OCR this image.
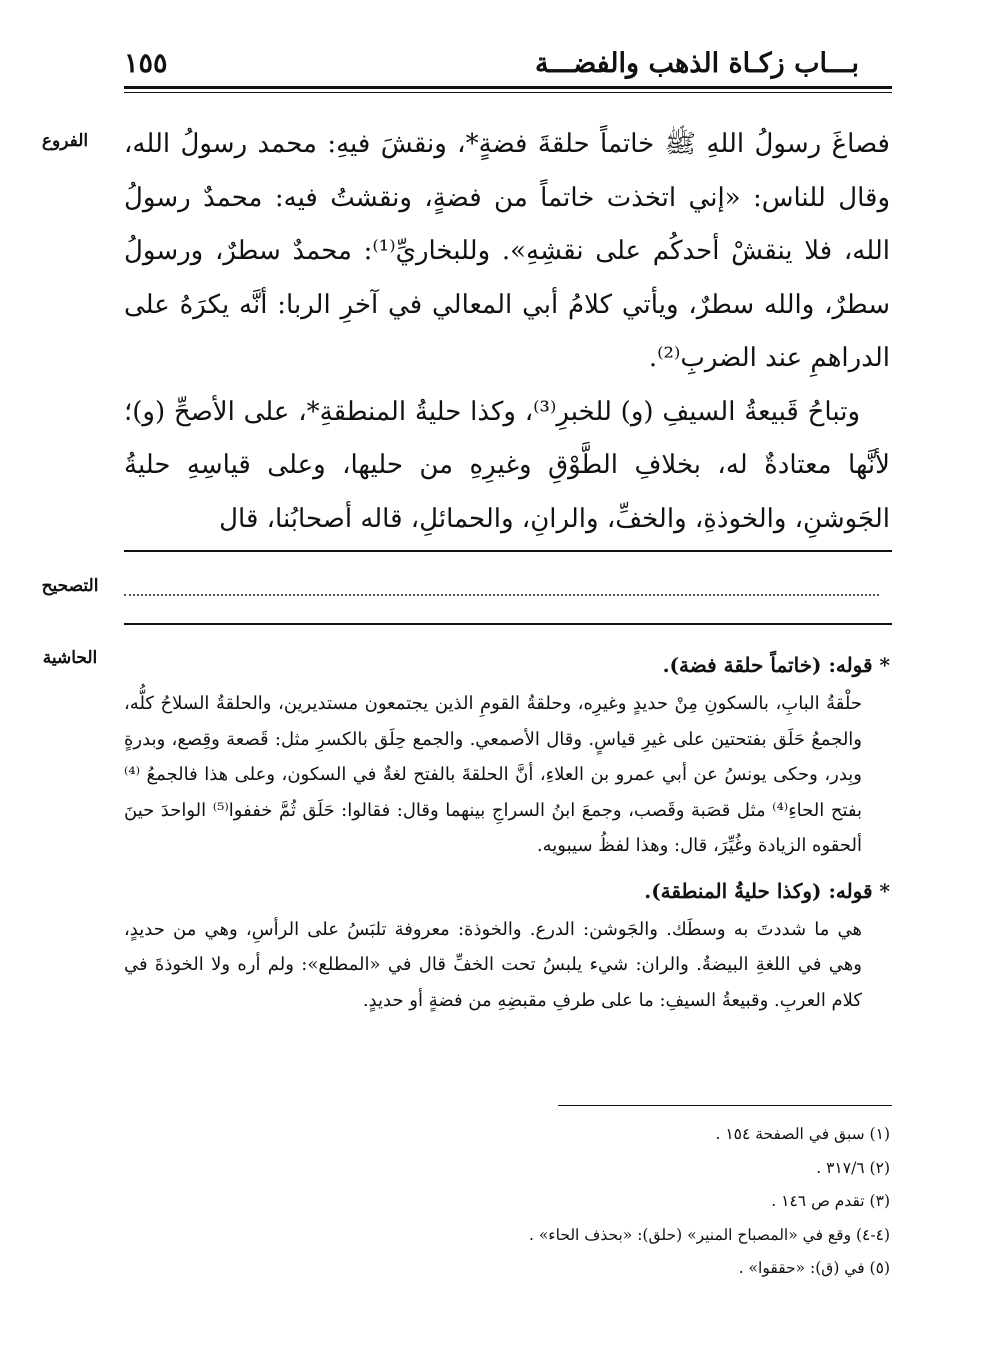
بـــاب زكـاة الذهب والفضـــة
١٥٥
الفروع	فصاغَ رسولُ اللهِ ﷺ خاتماً حلقةَ فضةٍ*، ونقشَ فيهِ: محمد رسولُ الله، وقال للناس: «إني اتخذت خاتماً من فضةٍ، ونقشتُ فيه: محمدٌ رسولُ الله، فلا ينقشْ أحدكُم على نقشِهِ». وللبخاريِّ⁽¹⁾: محمدٌ سطرٌ، ورسولُ سطرٌ، والله سطرٌ، ويأتي كلامُ أبي المعالي في آخرِ الربا: أنَّه يكرَهُ على الدراهمِ عند الضربِ⁽²⁾.

وتباحُ قَبيعةُ السيفِ (و) للخبرِ⁽³⁾، وكذا حليةُ المنطقةِ*، على الأصحِّ (و)؛ لأنَّها معتادةٌ له، بخلافِ الطَّوْقِ وغيرِهِ من حليها، وعلى قياسِهِ حليةُ الجَوشنِ، والخوذةِ، والخفِّ، والرانِ، والحمائلِ، قاله أصحابُنا، قال

التصحيح
الحاشية	* قوله: (خاتماً حلقة فضة).

حلْقةُ البابِ، بالسكونِ مِنْ حديدٍ وغيرِه، وحلقةُ القومِ الذين يجتمعون مستديرين، والحلقةُ السلاحُ كلُّه، والجمعُ حَلَق بفتحتين على غيرِ قياسٍ. وقال الأصمعي. والجمع حِلَق بالكسرِ مثل: قَصعة وقِصع، وبدرةٍ وبِدر، وحكى يونسُ عن أبي عمرو بن العلاءِ، أنَّ الحلقةَ بالفتح لغةٌ في السكون، وعلى هذا فالجمعُ ⁽⁴⁾بفتح الحاءِ⁽⁴⁾ مثل قصَبة وقَصب، وجمعَ ابنُ السراجِ بينهما وقال: فقالوا: حَلَق ثُمَّ خففوا⁽⁵⁾ الواحدَ حينَ ألحقوه الزيادة وغُيِّرَ، قال: وهذا لفظُ سيبويه.

* قوله: (وكذا حليةُ المنطقة).

هي ما شددتَ به وسطَك. والجَوشن: الدرع. والخوذة: معروفة تلبَسُ على الرأسِ، وهي من حديدٍ، وهي في اللغةِ البيضةُ. والران: شيء يلبسُ تحت الخفِّ قال في «المطلع»: ولم أره ولا الخوذةَ في كلام العربِ. وقبيعةُ السيفِ: ما على طرفِ مقبضِهِ من فضةٍ أو حديدٍ.

(١) سبق في الصفحة ١٥٤ .
(٢) ٣١٧/٦ .
(٣) تقدم ص ١٤٦ .
(٤-٤) وقع في «المصباح المنير» (حلق): «بحذف الحاء» .
(٥) في (ق): «حققوا» .
